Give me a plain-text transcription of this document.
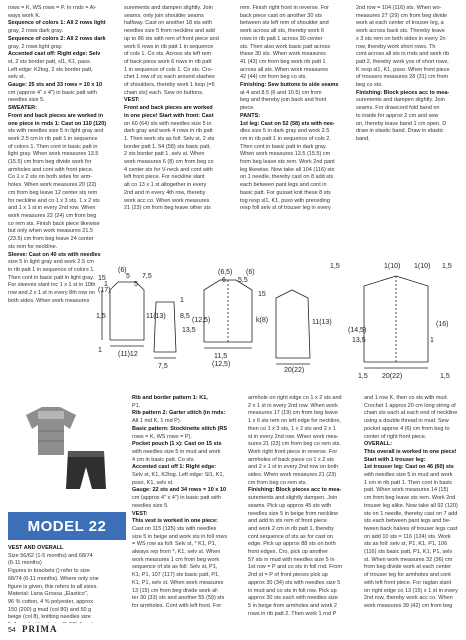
rows = K, WS rows = P. In rnds = Al-

ways work K.

Sequence of colors 1: All 2 rows light

gray, 2 rows dark gray.

Sequence of colors 2: All 2 rows dark

gray, 2 rows light gray.

Accented cast off: Right edge: Selv

st, 2 sts border patt, sl1, K1, pass.

Left edge: K2tog, 2 sts border patt,

selv st.

Gauge: 25 sts and 33 rows = 10 x 10

cm (approx 4" x 4") in basic patt with

needles size 5.

SWEATER:

Front and back pieces are worked in

one piece in rnds 1: Cast on 110 (120)

sts with needles size 5 in light gray and

work 2.5 cm in rib patt 1 in sequence

of colors 1. Then cont in basic patt in

light gray. When work measures 13.5

(15.5) cm from beg divide work for

armholes and cont with front piece.

Co 1 x 2 sts on both sides for arm-

holes. When work measures 20 (22)

cm from beg leave 12 center sts rem

for neckline and co 1 x 3 sts, 1 x 2 sts

and 1 x 1 st in every 2nd row. When

work measures 22 (24) cm from beg

co rem sts. Finish back piece likewise

but only when work measures 21.5

(23.5) cm from beg leave 24 center

sts rem for neckline.

Sleeve: Cast on 40 sts with needles

size 5 in light gray and work 2.5 cm

in rib patt 1 in sequence of colors 1.

Then cont in basic patt in light gray.

For sleeves slant inc 1 x 1 st in 10th

row and 2 x 1 st in every 8th row on

both sides. When work measures

surements and dampen slightly. Join

seams, only join shoulder seams

halfway. Cast on another 18 sts with

needles size 5 from neckline and add

up to 86 sts with rem of front piece and

work 6 rows in rib patt 1 in sequence

of cols 1. Co sts. Across sts left rem

of back piece work 6 rows in rib patt

1 in sequence of cols 1. Co sts. Cro-

chet 1 row of sc each around slashes

of shoulders, thereby work 1 loop (=5

chain sts) each. Sew on buttons.

VEST:

Front and back pieces are worked

in one piece! Start with front: Cast

on 60 (64) sts with needles size 5 in

dark gray and work 4 rows in rib patt

1. Then work sts as foll: Selv st, 2 sts

border patt 1, 54 (58) sts basic patt,

2 sts border patt 1, selv st. When

work measures 6 (8) cm from beg co

4 center sts for V-neck and cont with

left front piece. For neckline slant

alt co 13 x 1 st altogether in every

2nd and in every 4th row, thereby

work acc co. When work measures

21 (23) cm from beg leave other sts

rem. Finish right front in reverse. For

back piece cast on another 30 sts

between sts left rem of shoulder and

work across all sts, thereby work 6

rows in rib patt 1 across 30 center

sts. Then also work basic patt across

these 30 sts. When work measures

41 (43) cm from beg work rib patt 1

across all sts. When work measures

42 (44) cm from beg co sts.

Finishing: Sew buttons to side seams

at 4 and 8.5 (6 and 10.5) cm from

beg and thereby join back and front

piece.

PANTS:

1st leg: Cast on 52 (58) sts with nee-

dles size 5 in dark gray and work 2.5

cm in rib patt 1 in sequence of cols 2.

Then cont in basic patt in dark gray.

When work measures 13.5 (15.5) cm

from beg leave sts rem. Work 2nd pant

leg likewise. Now take all 104 (116) sts

on 1 needle, thereby cast on 8 add sts

each between pant legs and cont in

basic patt. For gusset knit these 8 sts

tog resp sl1, K1, psso with preceding

resp foll selv st of trouser leg in every

2nd row = 104 (116) sts. When wo-

measures 27 (29) cm from beg divide

work at each center of trouser leg, a

work across back sts. Thereby leave

x 3 sts rem on both sides in every 2n

row, thereby work short rows. Th

cont across all sts in rnds and work rib

patt 2, thereby work yos of short rows.

K resp sl1, K1, psso. When front piece

of trousers measures 28 (31) cm from

beg co sts.

Finishing: Block pieces acc to mea-

surements and dampen slightly. Join

seams. For drawcord fold band on

to inside for approx 2 cm and sew

on, thereby leave band 1 cm open. D

draw in elastic band. Draw in elastic

band.

(6)
1
5
5
15
(17)
7,5
1
1,5	11(13) 8,5
13,5
1
(11)12
7,5
11,5
(12,5)
(6,5)
6 5,5
(6)
(12,5)	k(8)	11(13)
15
1,5	1(10) 1(10) 1,5
(14,5)
13,5
(16)
1
20(22)
20(22)
1,5	1,5
MODEL 22

VEST AND OVERALL

Size 56/62 (1-5 months) and 68/74

(6-11 months)

Figures in brackets () refer to size

68/74 (6-11 months). Where only one

figure is given, this refers to all sizes.

Material: Lana Grossa „Elastico",

96 % cotton, 4 % polyester, approx

150 (200) g mud (col 80) and 50 g

beige (col 8), knitting needles size

Rib and border pattern 1: K1,

P1.

Rib pattern 2: Garter stitch (in rnds:

Alt 1 md K, 1 md P).

Basic pattern: Stockinette stitch (RS

rows = K, WS rows = P).

Pocket pouch (1 x): Cast on 15 sts

with needles size 5 in mud and work

4 cm in basic patt. Co sts.

Accented cast off 1: Right edge:

Selv st, K1, K2tog. Left edge: Sl1, K1,

psso, K1, selv st.

Gauge: 22 sts and 34 rows = 10 x 10

cm (approx 4" x 4") in basic patt with

needles size 5.

VEST:

This vest is worked in one piece:

Cast on 115 (125) sts with needles

size 5 in beige and work sts in foll rows

= WS row as foll: Selv st, * K1, P1,

always rep from *, K1, selv st. When

work measures 1 cm from beg work

sequence of sts as foll: Selv st, P1,

K1, P1, 107 (117) sts basic patt, P1,

K1, P1, selv st. When work measures

13 (15) cm from beg divide work af-

ter 30 (33) sts and another 55 (59) sts

for armholes. Cont with left front. For

armhole on right edge co 1 x 2 sts and

2 x 1 st in every 2nd row. When work

measures 17 (19) cm from beg leave

1 x 6 sts rem on left edge for neckline,

then co 1 x 3 sts, 1 x 2 sts and 2 x 1

st in every 2nd row. When work mea-

sures 21 (23) cm from beg co rem sts.

Work right front piece in reverse. For

armholes of back piece co 1 x 2 sts

and 2 x 1 st in every 2nd row on both

sides. When work measures 21 (23)

cm from beg co rem sts.

Finishing: Block pieces acc to mea-

surements and slightly dampen. Join

seams. Pick up approx 45 sts with

needles size 5 in beige from neckline

and add to sts rem of front piece

and work 2 cm in rib patt 1, thereby

cont sequence of sts as for cast on

edge. Pick up approx 88 sts on both

front edges. Cro, pick up another

57 sts in mud with needles size 5 in

1st row = P and co sts in foll rnd. From

2nd st = P of front pieces pick up

approx 30 (34) sts with needles size 5

in mud and co sts in foll row. Pick up

approx 30 sts each with needles size

5 in beige from armholes and work 2

rows in rib patt 2. Then work 1 rnd P

and 1 row K, then co sts with mud.

Crochet 1 approx 20 cm long string of

chain sts each at each end of neckline

using a double thread in mud. Sew

pocket approx 4 (6) cm from beg to

center of right front piece.

OVERALL:

This overall is worked in one piece!

Start with 1 trouser leg:

1st trouser leg: Cast on 46 (60) sts

with needles size 5 in mud and work

1 cm in rib patt 1. Then cont in basic

patt. When work measures 14 (15)

cm from beg leave sts rem. Work 2nd

trouser leg alike. Now take all 92 (120)

sts on 1 needle, thereby cast on 7 add

sts each between pant legs and be-

tween back halves of trouser legs cast

on add 10 sts = 116 (124) sts. Work

sts as foll: selv st, P1, K1, P1, 106

(116) sts basic patt, P1, K1, P1, selv

st. When work measures 32 (36) cm

from beg divide work at each center

of trouser leg for armholes and cont

with left front piece. For raglan slant

on right edge co 13 (15) x 1 st in every

2nd row, thereby work acc co. When

work measures 39 (42) cm from beg

54 PRIMA
